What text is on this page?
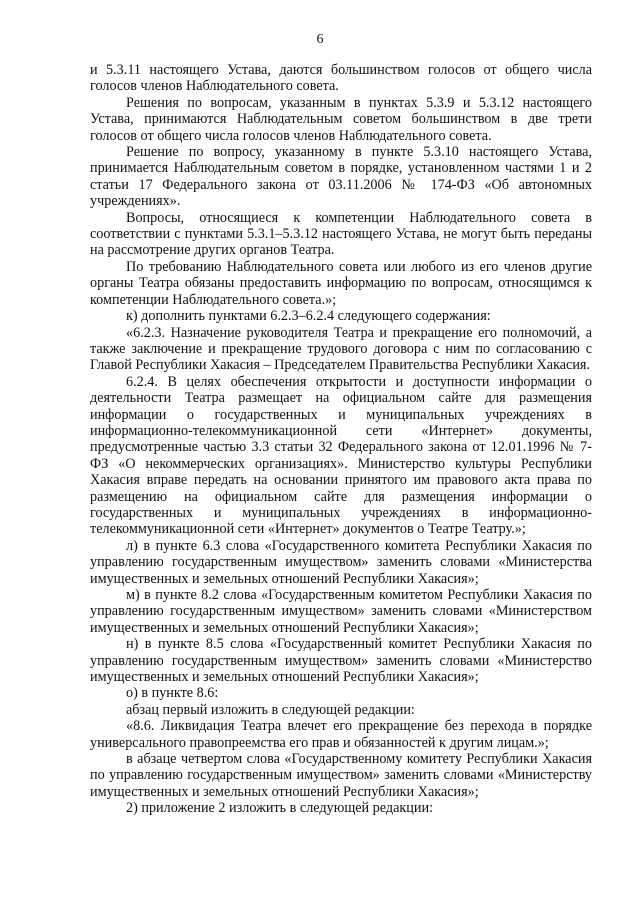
6

и 5.3.11 настоящего Устава, даются большинством голосов от общего числа голосов членов Наблюдательного совета.

Решения по вопросам, указанным в пунктах 5.3.9 и 5.3.12 настоящего Устава, принимаются Наблюдательным советом большинством в две трети голосов от общего числа голосов членов Наблюдательного совета.

Решение по вопросу, указанному в пункте 5.3.10 настоящего Устава, принимается Наблюдательным советом в порядке, установленном частями 1 и 2 статьи 17 Федерального закона от 03.11.2006 № 174-ФЗ «Об автономных учреждениях».

Вопросы, относящиеся к компетенции Наблюдательного совета в соответствии с пунктами 5.3.1–5.3.12 настоящего Устава, не могут быть переданы на рассмотрение других органов Театра.

По требованию Наблюдательного совета или любого из его членов другие органы Театра обязаны предоставить информацию по вопросам, относящимся к компетенции Наблюдательного совета.»;

к) дополнить пунктами 6.2.3–6.2.4 следующего содержания:

«6.2.3. Назначение руководителя Театра и прекращение его полномочий, а также заключение и прекращение трудового договора с ним по согласованию с Главой Республики Хакасия – Председателем Правительства Республики Хакасия.

6.2.4. В целях обеспечения открытости и доступности информации о деятельности Театра размещает на официальном сайте для размещения информации о государственных и муниципальных учреждениях в информационно-телекоммуникационной сети «Интернет» документы, предусмотренные частью 3.3 статьи 32 Федерального закона от 12.01.1996 № 7-ФЗ «О некоммерческих организациях». Министерство культуры Республики Хакасия вправе передать на основании принятого им правового акта права по размещению на официальном сайте для размещения информации о государственных и муниципальных учреждениях в информационно-телекоммуникационной сети «Интернет» документов о Театре Театру.»;

л) в пункте 6.3 слова «Государственного комитета Республики Хакасия по управлению государственным имуществом» заменить словами «Министерства имущественных и земельных отношений Республики Хакасия»;

м) в пункте 8.2 слова «Государственным комитетом Республики Хакасия по управлению государственным имуществом» заменить словами «Министерством имущественных и земельных отношений Республики Хакасия»;

н) в пункте 8.5 слова «Государственный комитет Республики Хакасия по управлению государственным имуществом» заменить словами «Министерство имущественных и земельных отношений Республики Хакасия»;

о) в пункте 8.6:

абзац первый изложить в следующей редакции:

«8.6. Ликвидация Театра влечет его прекращение без перехода в порядке универсального правопреемства его прав и обязанностей к другим лицам.»;

в абзаце четвертом слова «Государственному комитету Республики Хакасия по управлению государственным имуществом» заменить словами «Министерству имущественных и земельных отношений Республики Хакасия»;

2) приложение 2 изложить в следующей редакции:
